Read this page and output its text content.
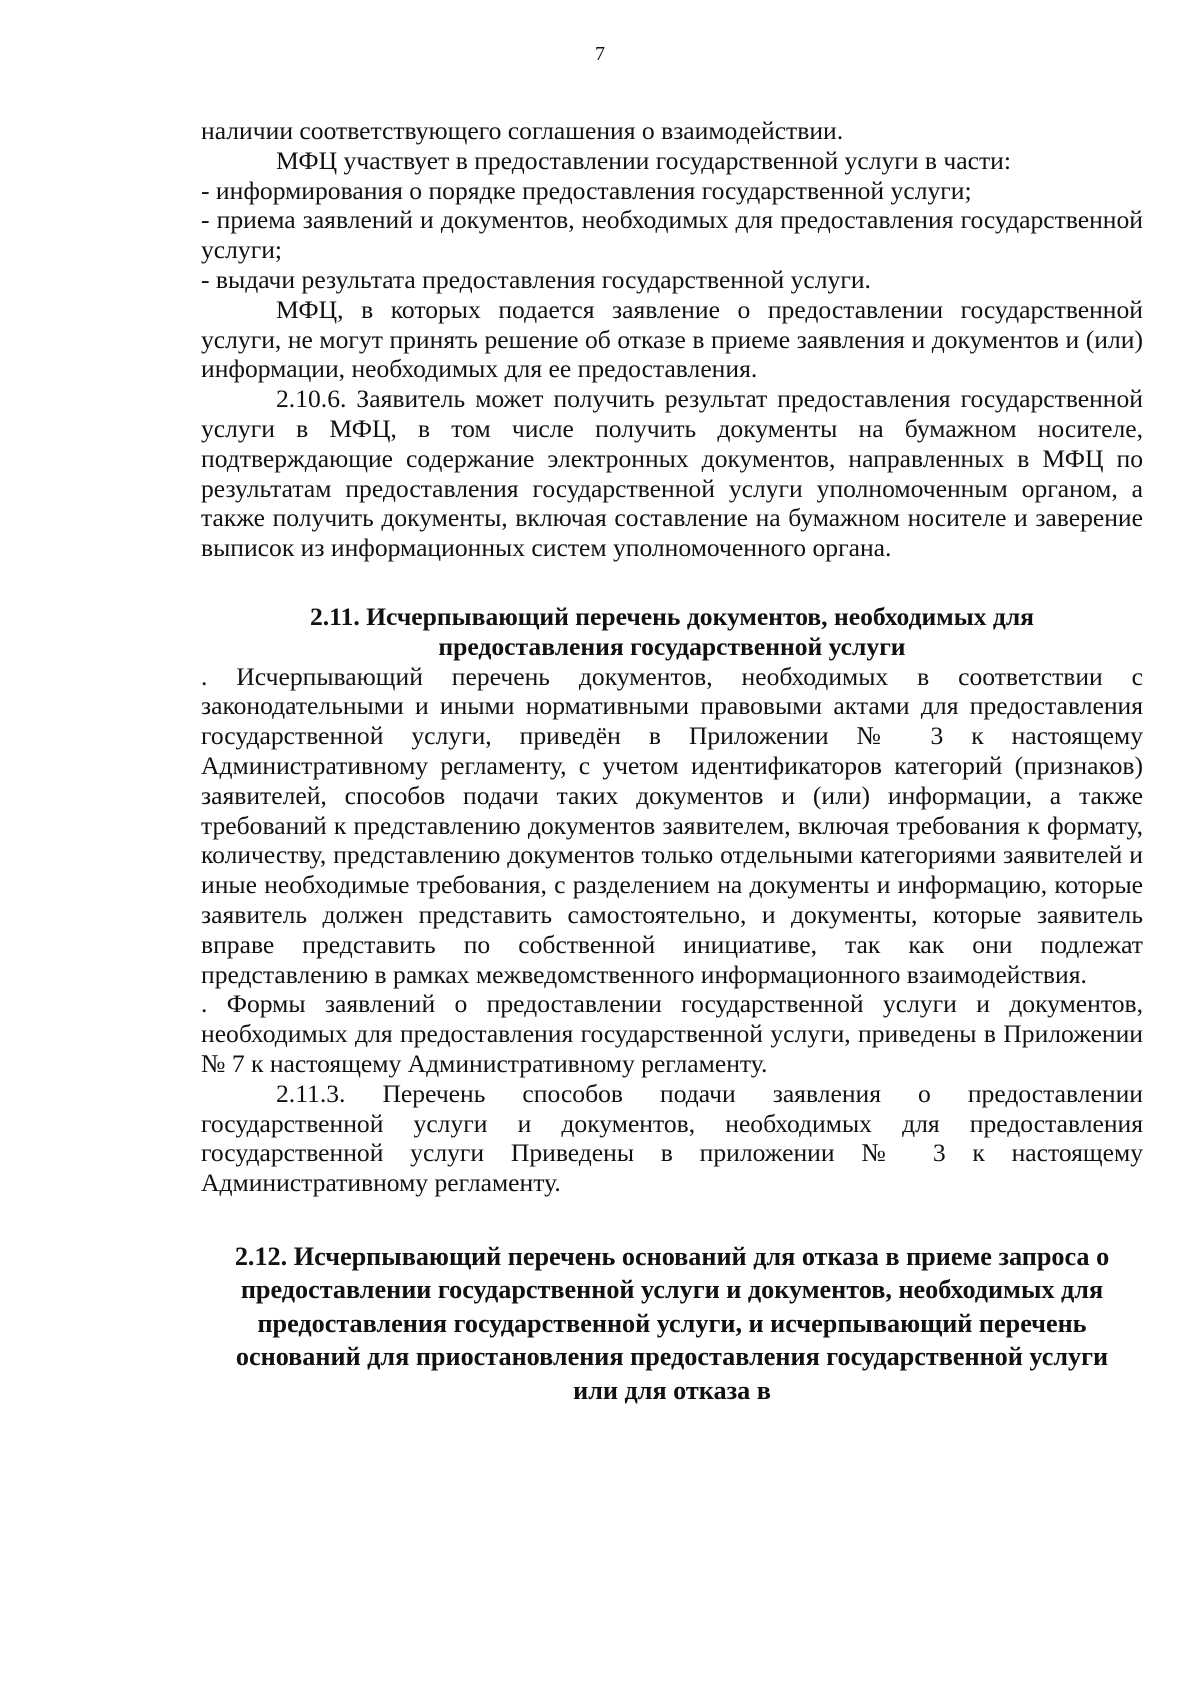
7

наличии соответствующего соглашения о взаимодействии.

МФЦ участвует в предоставлении государственной услуги в части:

- информирования о порядке предоставления государственной услуги;

- приема заявлений и документов, необходимых для предоставления государственной услуги;

- выдачи результата предоставления государственной услуги.

МФЦ, в которых подается заявление о предоставлении государственной услуги, не могут принять решение об отказе в приеме заявления и документов и (или) информации, необходимых для ее предоставления.

2.10.6. Заявитель может получить результат предоставления государственной услуги в МФЦ, в том числе получить документы на бумажном носителе, подтверждающие содержание электронных документов, направленных в МФЦ по результатам предоставления государственной услуги уполномоченным органом, а также получить документы, включая составление на бумажном носителе и заверение выписок из информационных систем уполномоченного органа.

2.11. Исчерпывающий перечень документов, необходимых для предоставления государственной услуги

. Исчерпывающий перечень документов, необходимых в соответствии с законодательными и иными нормативными правовыми актами для предоставления государственной услуги, приведён в Приложении № 3 к настоящему Административному регламенту, с учетом идентификаторов категорий (признаков) заявителей, способов подачи таких документов и (или) информации, а также требований к представлению документов заявителем, включая требования к формату, количеству, представлению документов только отдельными категориями заявителей и иные необходимые требования, с разделением на документы и информацию, которые заявитель должен представить самостоятельно, и документы, которые заявитель вправе представить по собственной инициативе, так как они подлежат представлению в рамках межведомственного информационного взаимодействия.

. Формы заявлений о предоставлении государственной услуги и документов, необходимых для предоставления государственной услуги, приведены в Приложении № 7 к настоящему Административному регламенту.

2.11.3. Перечень способов подачи заявления о предоставлении государственной услуги и документов, необходимых для предоставления государственной услуги Приведены в приложении № 3 к настоящему Административному регламенту.

2.12. Исчерпывающий перечень оснований для отказа в приеме запроса о предоставлении государственной услуги и документов, необходимых для предоставления государственной услуги, и исчерпывающий перечень оснований для приостановления предоставления государственной услуги или для отказа в
